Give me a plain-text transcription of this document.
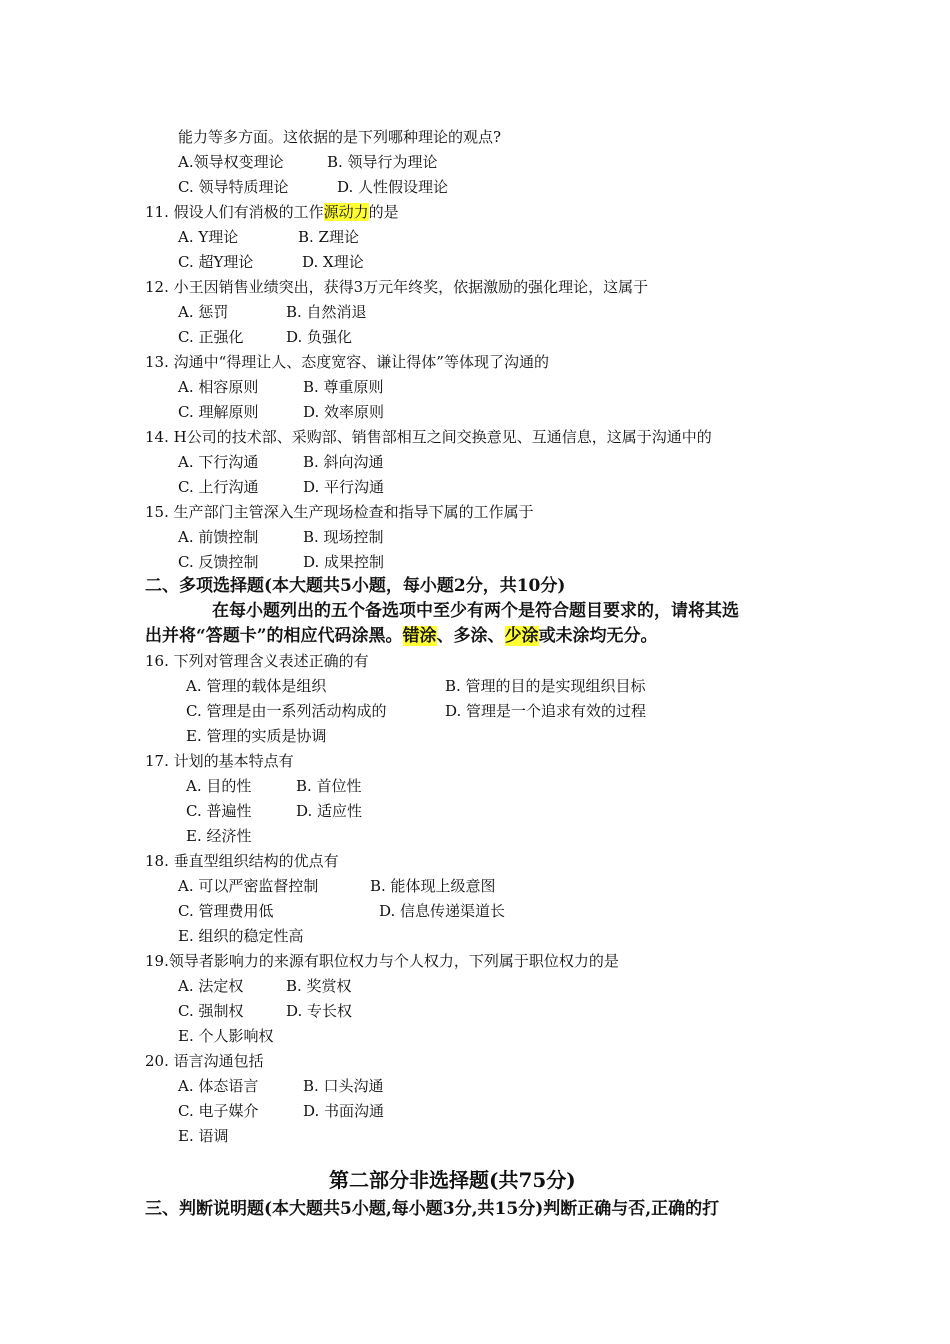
能力等多方面。这依据的是下列哪种理论的观点?
A.领导权变理论	B. 领导行为理论
C. 领导特质理论	D. 人性假设理论
11. 假设人们有消极的工作源动力的是
A. Y理论	B. Z理论
C. 超Y理论	D. X理论
12. 小王因销售业绩突出，获得3万元年终奖，依据激励的强化理论，这属于
A. 惩罚	B. 自然消退
C. 正强化	D. 负强化
13. 沟通中“得理让人、态度宽容、谦让得体”等体现了沟通的
A. 相容原则	B. 尊重原则
C. 理解原则	D. 效率原则
14. H公司的技术部、采购部、销售部相互之间交换意见、互通信息，这属于沟通中的
A. 下行沟通	B. 斜向沟通
C. 上行沟通	D. 平行沟通
15. 生产部门主管深入生产现场检查和指导下属的工作属于
A. 前馈控制	B. 现场控制
C. 反馈控制	D. 成果控制
二、多项选择题(本大题共5小题，每小题2分，共10分)
在每小题列出的五个备选项中至少有两个是符合题目要求的，请将其选
出并将“答题卡”的相应代码涂黑。错涂、多涂、少涂或未涂均无分。
16. 下列对管理含义表述正确的有
A. 管理的载体是组织	B. 管理的目的是实现组织目标
C. 管理是由一系列活动构成的	D. 管理是一个追求有效的过程
E. 管理的实质是协调
17. 计划的基本特点有
A. 目的性	B. 首位性
C. 普遍性	D. 适应性
E. 经济性
18. 垂直型组织结构的优点有
A. 可以严密监督控制	B. 能体现上级意图
C. 管理费用低	D. 信息传递渠道长
E. 组织的稳定性高
19.领导者影响力的来源有职位权力与个人权力，下列属于职位权力的是
A. 法定权	B. 奖赏权
C. 强制权	D. 专长权
E. 个人影响权
20. 语言沟通包括
A. 体态语言	B. 口头沟通
C. 电子媒介	D. 书面沟通
E. 语调
第二部分非选择题(共75分)
三、判断说明题(本大题共5小题,每小题3分,共15分)判断正确与否,正确的打
